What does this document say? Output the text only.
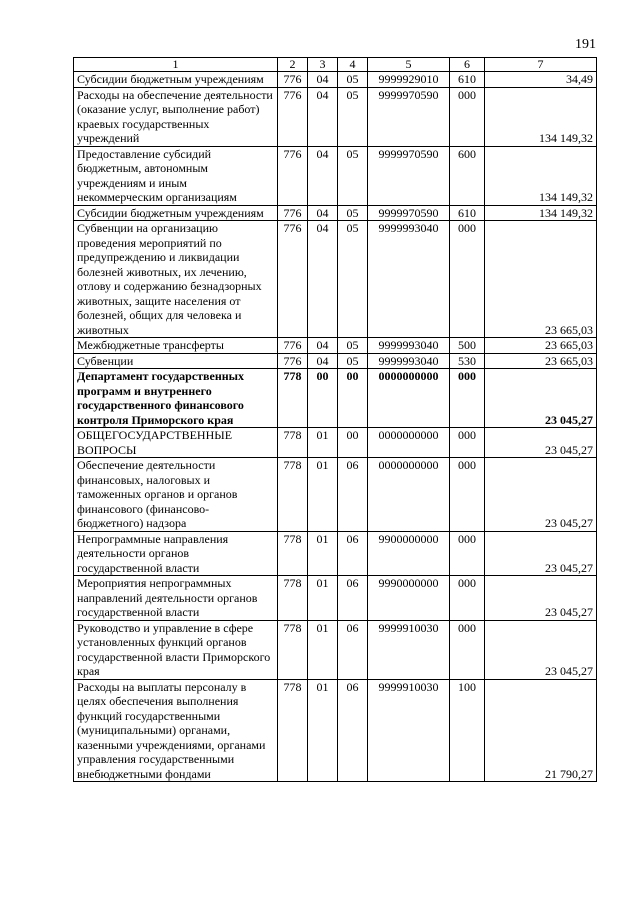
191
1	2	3	4	5	6	7
Субсидии бюджетным учреждениям	776	04	05	9999929010	610	34,49
Расходы на обеспечение деятельности (оказание услуг, выполнение работ) краевых государственных учреждений	776	04	05	9999970590	000	134 149,32
Предоставление субсидий бюджетным, автономным учреждениям и иным некоммерческим организациям	776	04	05	9999970590	600	134 149,32
Субсидии бюджетным учреждениям	776	04	05	9999970590	610	134 149,32
Субвенции на организацию проведения мероприятий по предупреждению и ликвидации болезней животных, их лечению, отлову и содержанию безнадзорных животных, защите населения от болезней, общих для человека и животных	776	04	05	9999993040	000	23 665,03
Межбюджетные трансферты	776	04	05	9999993040	500	23 665,03
Субвенции	776	04	05	9999993040	530	23 665,03
Департамент государственных программ и внутреннего государственного финансового контроля Приморского края	778	00	00	0000000000	000	23 045,27
ОБЩЕГОСУДАРСТВЕННЫЕ ВОПРОСЫ	778	01	00	0000000000	000	23 045,27
Обеспечение деятельности финансовых, налоговых и таможенных органов и органов финансового (финансово-бюджетного) надзора	778	01	06	0000000000	000	23 045,27
Непрограммные направления деятельности органов государственной власти	778	01	06	9900000000	000	23 045,27
Мероприятия непрограммных направлений деятельности органов государственной власти	778	01	06	9990000000	000	23 045,27
Руководство и управление в сфере установленных функций органов государственной власти Приморского края	778	01	06	9999910030	000	23 045,27
Расходы на выплаты персоналу в целях обеспечения выполнения функций государственными (муниципальными) органами, казенными учреждениями, органами управления государственными внебюджетными фондами	778	01	06	9999910030	100	21 790,27
